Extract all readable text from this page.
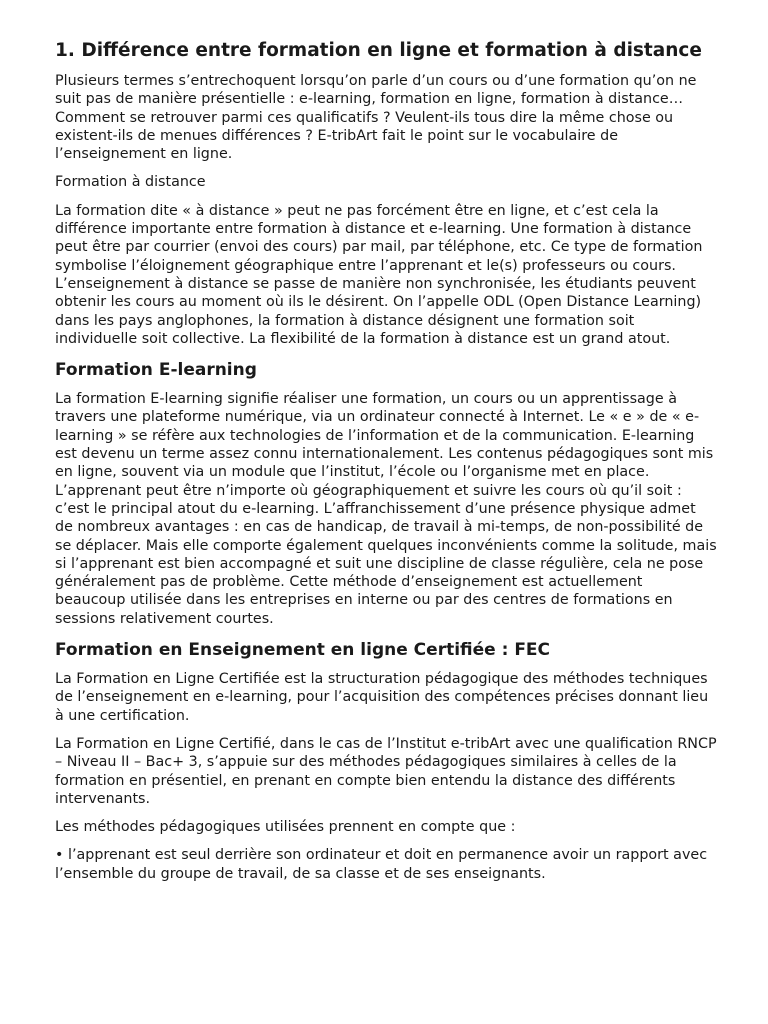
1. Différence entre formation en ligne et formation à distance

Plusieurs termes s’entrechoquent lorsqu’on parle d’un cours ou d’une formation qu’on ne suit pas de manière présentielle : e-learning, formation en ligne, formation à distance… Comment se retrouver parmi ces qualificatifs ? Veulent-ils tous dire la même chose ou existent-ils de menues différences ? E-tribArt fait le point sur le vocabulaire de l’enseignement en ligne.

Formation à distance

La formation dite « à distance » peut ne pas forcément être en ligne, et c’est cela la différence importante entre formation à distance et e-learning. Une formation à distance peut être par courrier (envoi des cours) par mail, par téléphone, etc. Ce type de formation symbolise l’éloignement géographique entre l’apprenant et le(s) professeurs ou cours. L’enseignement à distance se passe de manière non synchronisée, les étudiants peuvent obtenir les cours au moment où ils le désirent. On l’appelle ODL (Open Distance Learning) dans les pays anglophones, la formation à distance désignent une formation soit individuelle soit collective. La flexibilité de la formation à distance est un grand atout.

Formation E-learning

La formation E-learning signifie réaliser une formation, un cours ou un apprentissage à travers une plateforme numérique, via un ordinateur connecté à Internet. Le « e » de « e-learning » se réfère aux technologies de l’information et de la communication. E-learning est devenu un terme assez connu internationalement. Les contenus pédagogiques sont mis en ligne, souvent via un module que l’institut, l’école ou l’organisme met en place. L’apprenant peut être n’importe où géographiquement et suivre les cours où qu’il soit : c’est le principal atout du e-learning. L’affranchissement d’une présence physique admet de nombreux avantages : en cas de handicap, de travail à mi-temps, de non-possibilité de se déplacer. Mais elle comporte également quelques inconvénients comme la solitude, mais si l’apprenant est bien accompagné et suit une discipline de classe régulière, cela ne pose généralement pas de problème. Cette méthode d’enseignement est actuellement beaucoup utilisée dans les entreprises en interne ou par des centres de formations en sessions relativement courtes.

Formation en Enseignement en ligne Certifiée : FEC

La Formation en Ligne Certifiée est la structuration pédagogique des méthodes techniques de l’enseignement en e-learning, pour l’acquisition des compétences précises donnant lieu à une certification.

La Formation en Ligne Certifié, dans le cas de l’Institut e-tribArt avec une qualification RNCP – Niveau II – Bac+ 3, s’appuie sur des méthodes pédagogiques similaires à celles de la formation en présentiel, en prenant en compte bien entendu la distance des différents intervenants.

Les méthodes pédagogiques utilisées prennent en compte que :

• l’apprenant est seul derrière son ordinateur et doit en permanence avoir un rapport avec l’ensemble du groupe de travail, de sa classe et de ses enseignants.
